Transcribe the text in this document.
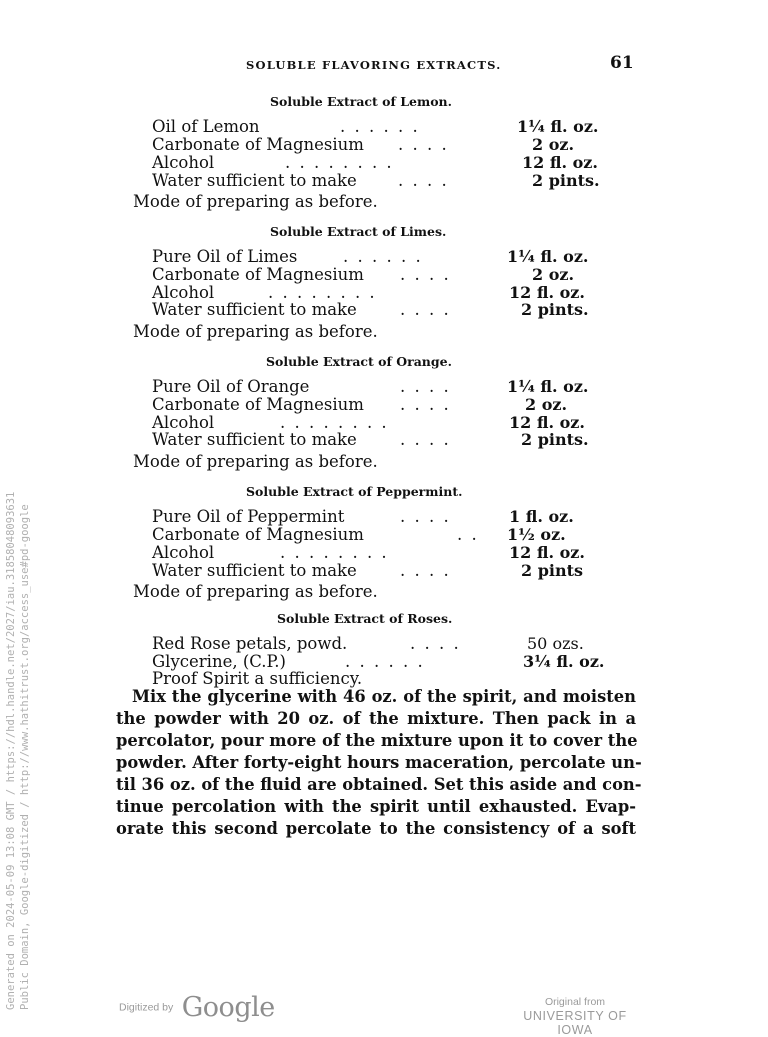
SOLUBLE FLAVORING EXTRACTS.	61
Soluble Extract of Lemon.
Oil of Lemon	. . . . . .	1¼ fl. oz.
Carbonate of Magnesium . . . .	2 oz.
Alcohol	. . . . . . . .	12 fl. oz.
Water sufficient to make . . . .	2 pints.
Mode of preparing as before.
Soluble Extract of Limes.
Pure Oil of Limes	. . . . . .	1¼ fl. oz.
Carbonate of Magnesium . . . .	2 oz.
Alcohol	. . . . . . . .	12 fl. oz.
Water sufficient to make	. . . .	2 pints.
Mode of preparing as before.
Soluble Extract of Orange.
Pure Oil of Orange	. . . .	1¼ fl. oz.
Carbonate of Magnesium . . . .	2 oz.
Alcohol	. . . . . . . .	12 fl. oz.
Water sufficient to make	. . . .	2 pints.
Mode of preparing as before.
Soluble Extract of Peppermint.
Pure Oil of Peppermint	. . . .	1 fl. oz.
Carbonate of Magnesium	. . 1½ oz.
Alcohol	. . . . . . . .	12 fl. oz.
Water sufficient to make	. . . .	2 pints
Mode of preparing as before.
Soluble Extract of Roses.
Red Rose petals, powd.	. . . .	50 ozs.
Glycerine, (C.P.)	. . . . . .	3¼ fl. oz.
Proof Spirit a sufficiency.
Mix the glycerine with 46 oz. of the spirit, and moisten
the powder with 20 oz. of the mixture. Then pack in a
percolator, pour more of the mixture upon it to cover the
powder. After forty-eight hours maceration, percolate un-
til 36 oz. of the fluid are obtained. Set this aside and con-
tinue percolation with the spirit until exhausted. Evap-
orate this second percolate to the consistency of a soft
Generated on 2024-05-09 13:08 GMT / https://hdl.handle.net/2027/iau.31858048093631 Public Domain, Google-digitized / http://www.hathitrust.org/access_use#pd-google	Digitized by Google	Original from
UNIVERSITY OF IOWA
